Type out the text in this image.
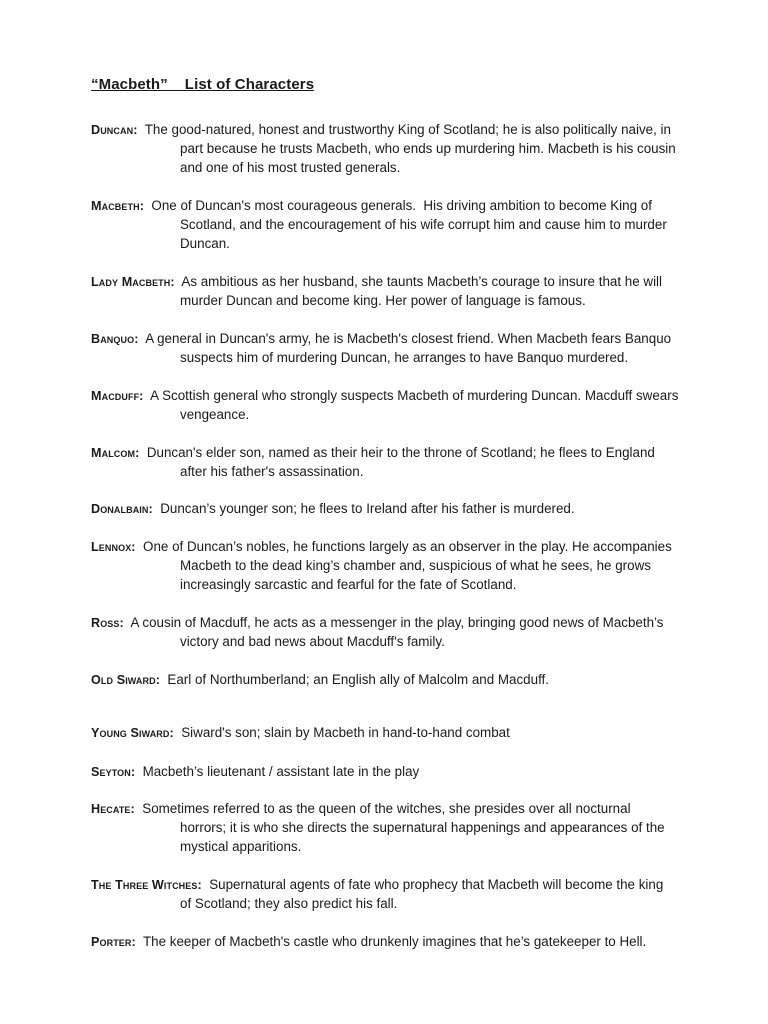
“Macbeth”    List of Characters
Duncan:  The good-natured, honest and trustworthy King of Scotland; he is also politically naive, in
part because he trusts Macbeth, who ends up murdering him. Macbeth is his cousin
and one of his most trusted generals.
Macbeth:  One of Duncan's most courageous generals.  His driving ambition to become King of
Scotland, and the encouragement of his wife corrupt him and cause him to murder
Duncan.
Lady Macbeth:  As ambitious as her husband, she taunts Macbeth’s courage to insure that he will
murder Duncan and become king. Her power of language is famous.
Banquo:  A general in Duncan's army, he is Macbeth's closest friend. When Macbeth fears Banquo
suspects him of murdering Duncan, he arranges to have Banquo murdered.
Macduff:  A Scottish general who strongly suspects Macbeth of murdering Duncan. Macduff swears
vengeance.
Malcom:  Duncan's elder son, named as their heir to the throne of Scotland; he flees to England
after his father's assassination.
Donalbain:  Duncan’s younger son; he flees to Ireland after his father is murdered.
Lennox:  One of Duncan’s nobles, he functions largely as an observer in the play. He accompanies
Macbeth to the dead king’s chamber and, suspicious of what he sees, he grows
increasingly sarcastic and fearful for the fate of Scotland.
Ross:  A cousin of Macduff, he acts as a messenger in the play, bringing good news of Macbeth’s
victory and bad news about Macduff's family.
Old Siward:  Earl of Northumberland; an English ally of Malcolm and Macduff.
Young Siward:  Siward's son; slain by Macbeth in hand-to-hand combat
Seyton:  Macbeth’s lieutenant / assistant late in the play
Hecate:  Sometimes referred to as the queen of the witches, she presides over all nocturnal
horrors; it is who she directs the supernatural happenings and appearances of the
mystical apparitions.
The Three Witches:  Supernatural agents of fate who prophecy that Macbeth will become the king
of Scotland; they also predict his fall.
Porter:  The keeper of Macbeth's castle who drunkenly imagines that he’s gatekeeper to Hell.
